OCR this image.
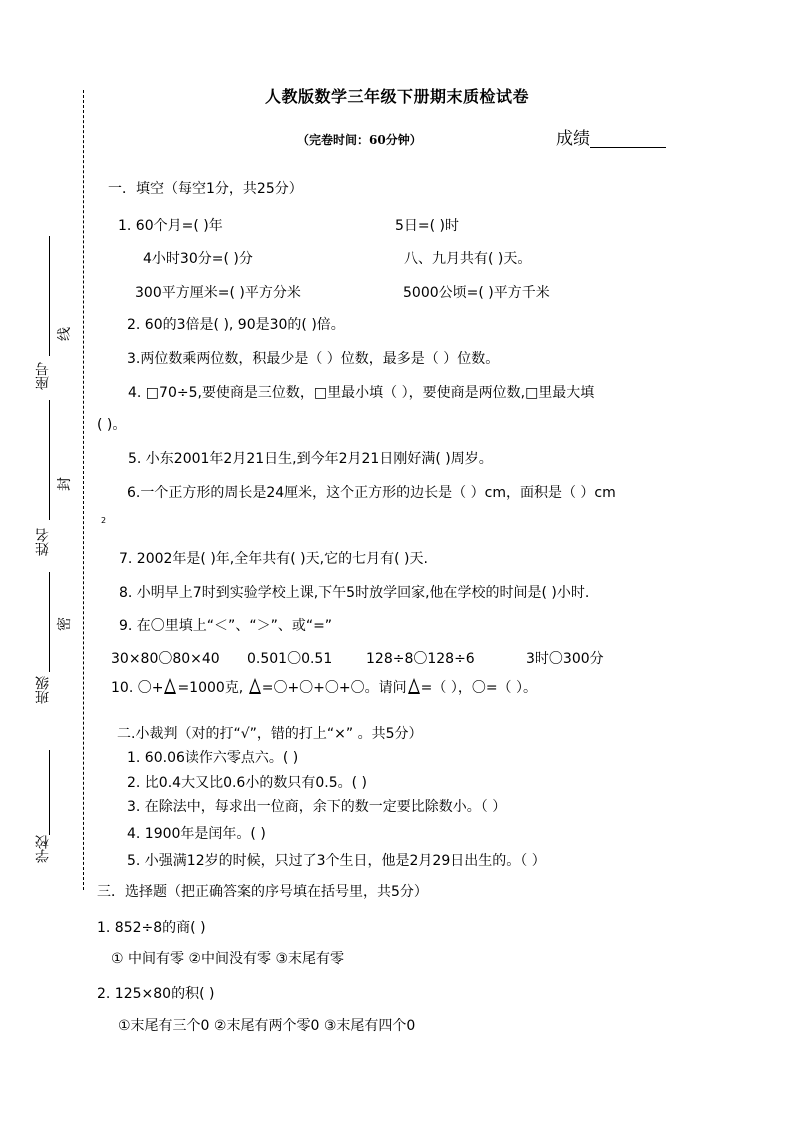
人教版数学三年级下册期末质检试卷
（完卷时间：60分钟）	成绩
学校
班级
姓名
座号
密
封
线
一．填空（每空1分，共25分）
1. 60个月=( )年	5日=( )时
4小时30分=( )分	八、九月共有( )天。
300平方厘米=( )平方分米	5000公顷=( )平方千米
2. 60的3倍是( ), 90是30的( )倍。
3.两位数乘两位数，积最少是（ ）位数，最多是（ ）位数。
4. □70÷5,要使商是三位数，□里最小填（ ），要使商是两位数,□里最大填
( )。
5. 小东2001年2月21日生,到今年2月21日刚好满( )周岁。
6.一个正方形的周长是24厘米，这个正方形的边长是（ ）cm，面积是（ ）cm
2
7. 2002年是( )年,全年共有( )天,它的七月有( )天.
8. 小明早上7时到实验学校上课,下午5时放学回家,他在学校的时间是( )小时.
9. 在〇里填上“＜”、“＞”、或“=”
30×80〇80×40 0.501〇0.51 128÷8〇128÷6	3时〇300分
10. 〇+ =1000克, =〇+〇+〇+〇。请问 =（ ），〇=（ ）。
二.小裁判（对的打“√”，错的打上“×” 。共5分）
1. 60.06读作六零点六。( )
2. 比0.4大又比0.6小的数只有0.5。( )
3. 在除法中，每求出一位商，余下的数一定要比除数小。（ ）
4. 1900年是闰年。( )
5. 小强满12岁的时候，只过了3个生日，他是2月29日出生的。（ ）
三．选择题（把正确答案的序号填在括号里，共5分）
1. 852÷8的商( )
① 中间有零 ②中间没有零 ③末尾有零
2. 125×80的积( )
①末尾有三个0 ②末尾有两个零0 ③末尾有四个0
